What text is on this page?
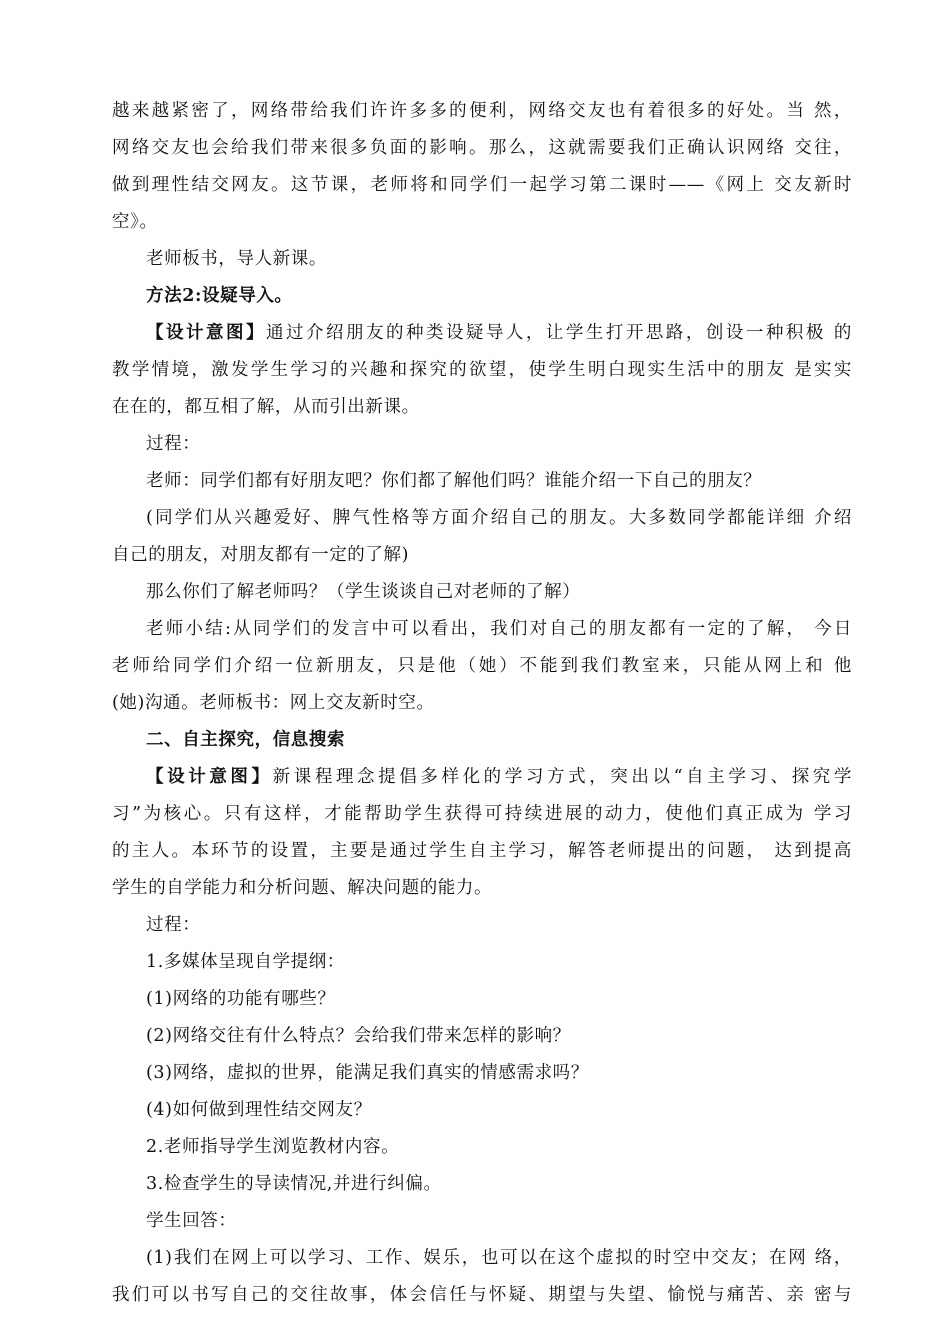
越来越紧密了，网络带给我们许许多多的便利，网络交友也有着很多的好处。当 然，
网络交友也会给我们带来很多负面的影响。那么，这就需要我们正确认识网络 交往，
做到理性结交网友。这节课，老师将和同学们一起学习第二课时——《网上 交友新时
空》。
老师板书，导人新课。
方法2:设疑导入。
【设计意图】通过介绍朋友的种类设疑导人，让学生打开思路，创设一种积极 的
教学情境，激发学生学习的兴趣和探究的欲望，使学生明白现实生活中的朋友 是实实
在在的，都互相了解，从而引出新课。
过程：
老师：同学们都有好朋友吧？你们都了解他们吗？谁能介绍一下自己的朋友？
(同学们从兴趣爱好、脾气性格等方面介绍自己的朋友。大多数同学都能详细 介绍
自己的朋友，对朋友都有一定的了解)
那么你们了解老师吗？（学生谈谈自己对老师的了解）
老师小结:从同学们的发言中可以看出，我们对自己的朋友都有一定的了解， 今日
老师给同学们介绍一位新朋友，只是他（她）不能到我们教室来，只能从网上和 他
(她)沟通。老师板书：网上交友新时空。
二、自主探究，信息搜索
【设计意图】新课程理念提倡多样化的学习方式，突出以“自主学习、探究学
习”为核心。只有这样，才能帮助学生获得可持续进展的动力，使他们真正成为 学习
的主人。本环节的设置，主要是通过学生自主学习，解答老师提出的问题， 达到提高
学生的自学能力和分析问题、解决问题的能力。
过程：
1.多媒体呈现自学提纲：
(1)网络的功能有哪些？
(2)网络交往有什么特点？会给我们带来怎样的影响？
(3)网络，虚拟的世界，能满足我们真实的情感需求吗？
(4)如何做到理性结交网友？
2.老师指导学生浏览教材内容。
3.检查学生的导读情况,并进行纠偏。
学生回答：
(1)我们在网上可以学习、工作、娱乐，也可以在这个虚拟的时空中交友；在网 络，
我们可以书写自己的交往故事，体会信任与怀疑、期望与失望、愉悦与痛苦、亲 密与
